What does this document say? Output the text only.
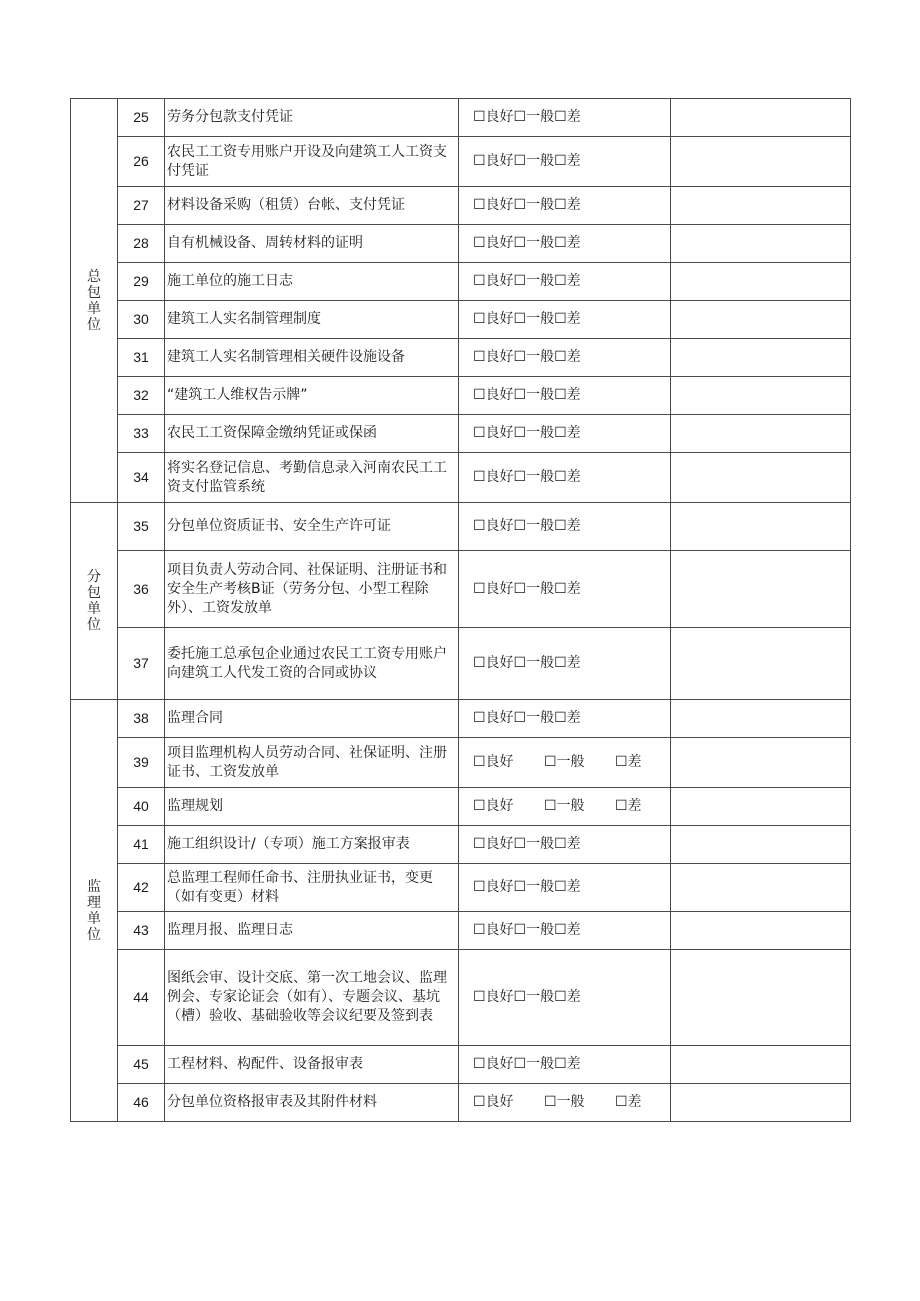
总包单位	25	劳务分包款支付凭证	☐良好☐一般☐差	
	26	农民工工资专用账户开设及向建筑工人工资支付凭证	☐良好☐一般☐差	
	27	材料设备采购（租赁）台帐、支付凭证	☐良好☐一般☐差	
	28	自有机械设备、周转材料的证明	☐良好☐一般☐差	
	29	施工单位的施工日志	☐良好☐一般☐差	
	30	建筑工人实名制管理制度	☐良好☐一般☐差	
	31	建筑工人实名制管理相关硬件设施设备	☐良好☐一般☐差	
	32	“建筑工人维权告示牌”	☐良好☐一般☐差	
	33	农民工工资保障金缴纳凭证或保函	☐良好☐一般☐差	
	34	将实名登记信息、考勤信息录入河南农民工工资支付监管系统	☐良好☐一般☐差	
分包单位	35	分包单位资质证书、安全生产许可证	☐良好☐一般☐差	
	36	项目负责人劳动合同、社保证明、注册证书和安全生产考核B证（劳务分包、小型工程除外）、工资发放单	☐良好☐一般☐差	
	37	委托施工总承包企业通过农民工工资专用账户向建筑工人代发工资的合同或协议	☐良好☐一般☐差	
监理单位	38	监理合同	☐良好☐一般☐差	
	39	项目监理机构人员劳动合同、社保证明、注册证书、工资发放单	☐良好 ☐一般 ☐差	
	40	监理规划	☐良好 ☐一般 ☐差	
	41	施工组织设计/（专项）施工方案报审表	☐良好☐一般☐差	
	42	总监理工程师任命书、注册执业证书，变更（如有变更）材料	☐良好☐一般☐差	
	43	监理月报、监理日志	☐良好☐一般☐差	
	44	图纸会审、设计交底、第一次工地会议、监理例会、专家论证会（如有）、专题会议、基坑（槽）验收、基础验收等会议纪要及签到表	☐良好☐一般☐差	
	45	工程材料、构配件、设备报审表	☐良好☐一般☐差	
	46	分包单位资格报审表及其附件材料	☐良好 ☐一般 ☐差	
